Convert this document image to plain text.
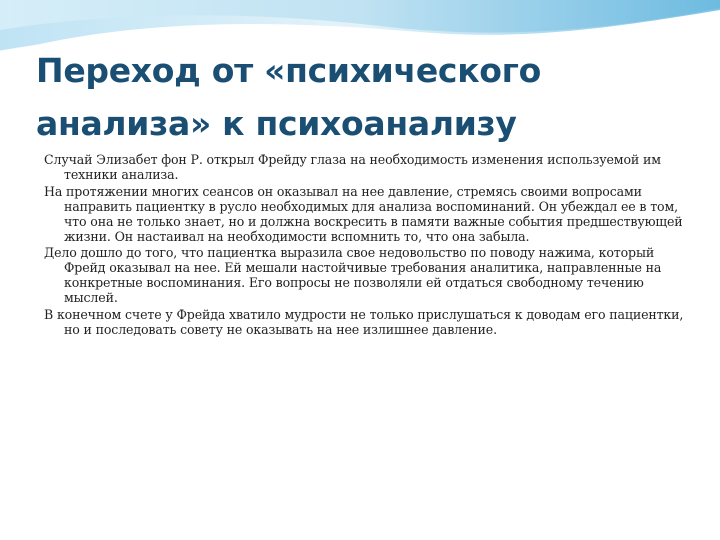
Переход от «психического
анализа» к психоанализу

Случай Элизабет фон Р. открыл Фрейду глаза на необходимость изменения используемой им техники анализа.

На протяжении многих сеансов он оказывал на нее давление, стремясь своими вопросами направить пациентку в русло необходимых для анализа воспоминаний. Он убеждал ее в том, что она не только знает, но и должна воскресить в памяти важные события предшествующей жизни. Он настаивал на необходимости вспомнить то, что она забыла.

Дело дошло до того, что пациентка выразила свое недовольство по поводу нажима, который Фрейд оказывал на нее. Ей мешали настойчивые требования аналитика, направленные на конкретные воспоминания. Его вопросы не позволяли ей отдаться свободному течению мыслей.

В конечном счете у Фрейда хватило мудрости не только прислушаться к доводам его пациентки, но и последовать совету не оказывать на нее излишнее давление.
